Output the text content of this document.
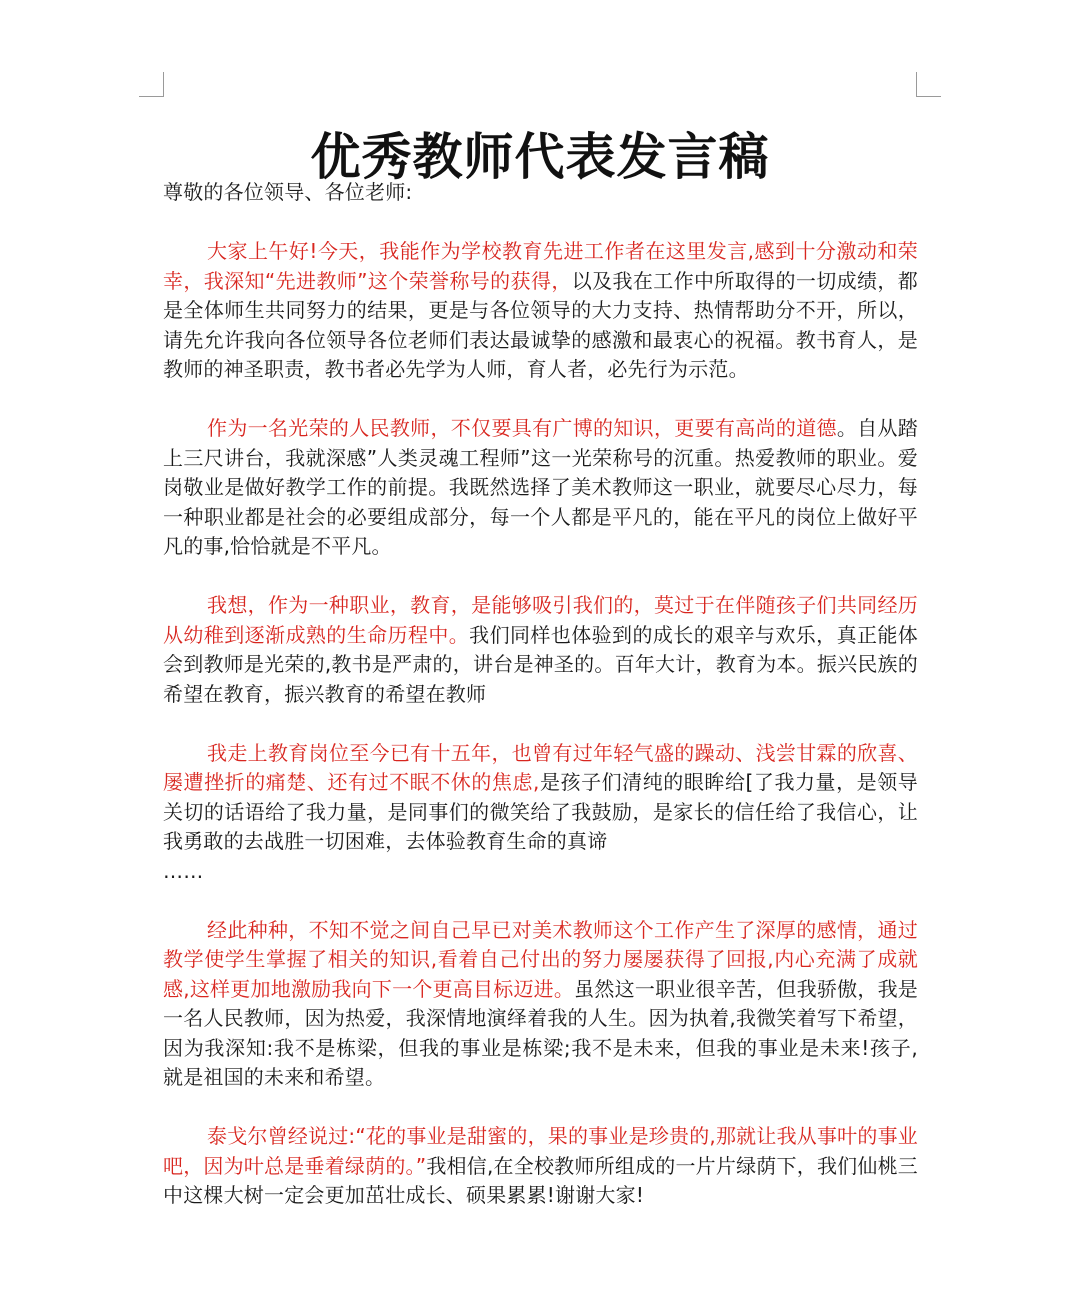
优秀教师代表发言稿

尊敬的各位领导、各位老师:

大家上午好!今天，我能作为学校教育先进工作者在这里发言,感到十分激动和荣幸，我深知“先进教师”这个荣誉称号的获得，以及我在工作中所取得的一切成绩，都是全体师生共同努力的结果，更是与各位领导的大力支持、热情帮助分不开，所以，请先允许我向各位领导各位老师们表达最诚挚的感激和最衷心的祝福。教书育人，是教师的神圣职责，教书者必先学为人师，育人者，必先行为示范。

作为一名光荣的人民教师，不仅要具有广博的知识，更要有高尚的道德。自从踏上三尺讲台，我就深感”人类灵魂工程师”这一光荣称号的沉重。热爱教师的职业。爱岗敬业是做好教学工作的前提。我既然选择了美术教师这一职业，就要尽心尽力，每一种职业都是社会的必要组成部分，每一个人都是平凡的，能在平凡的岗位上做好平凡的事,恰恰就是不平凡。

我想，作为一种职业，教育，是能够吸引我们的，莫过于在伴随孩子们共同经历从幼稚到逐渐成熟的生命历程中。我们同样也体验到的成长的艰辛与欢乐，真正能体会到教师是光荣的,教书是严肃的，讲台是神圣的。百年大计，教育为本。振兴民族的希望在教育，振兴教育的希望在教师

我走上教育岗位至今已有十五年，也曾有过年轻气盛的躁动、浅尝甘霖的欣喜、屡遭挫折的痛楚、还有过不眠不休的焦虑,是孩子们清纯的眼眸给[了我力量，是领导关切的话语给了我力量，是同事们的微笑给了我鼓励，是家长的信任给了我信心，让我勇敢的去战胜一切困难，去体验教育生命的真谛

……

经此种种，不知不觉之间自己早已对美术教师这个工作产生了深厚的感情，通过教学使学生掌握了相关的知识,看着自己付出的努力屡屡获得了回报,内心充满了成就感,这样更加地激励我向下一个更高目标迈进。虽然这一职业很辛苦，但我骄傲，我是一名人民教师，因为热爱，我深情地演绎着我的人生。因为执着,我微笑着写下希望，因为我深知:我不是栋梁，但我的事业是栋梁;我不是未来，但我的事业是未来!孩子,就是祖国的未来和希望。

泰戈尔曾经说过:“花的事业是甜蜜的，果的事业是珍贵的,那就让我从事叶的事业吧，因为叶总是垂着绿荫的。”我相信,在全校教师所组成的一片片绿荫下，我们仙桃三中这棵大树一定会更加茁壮成长、硕果累累!谢谢大家!
